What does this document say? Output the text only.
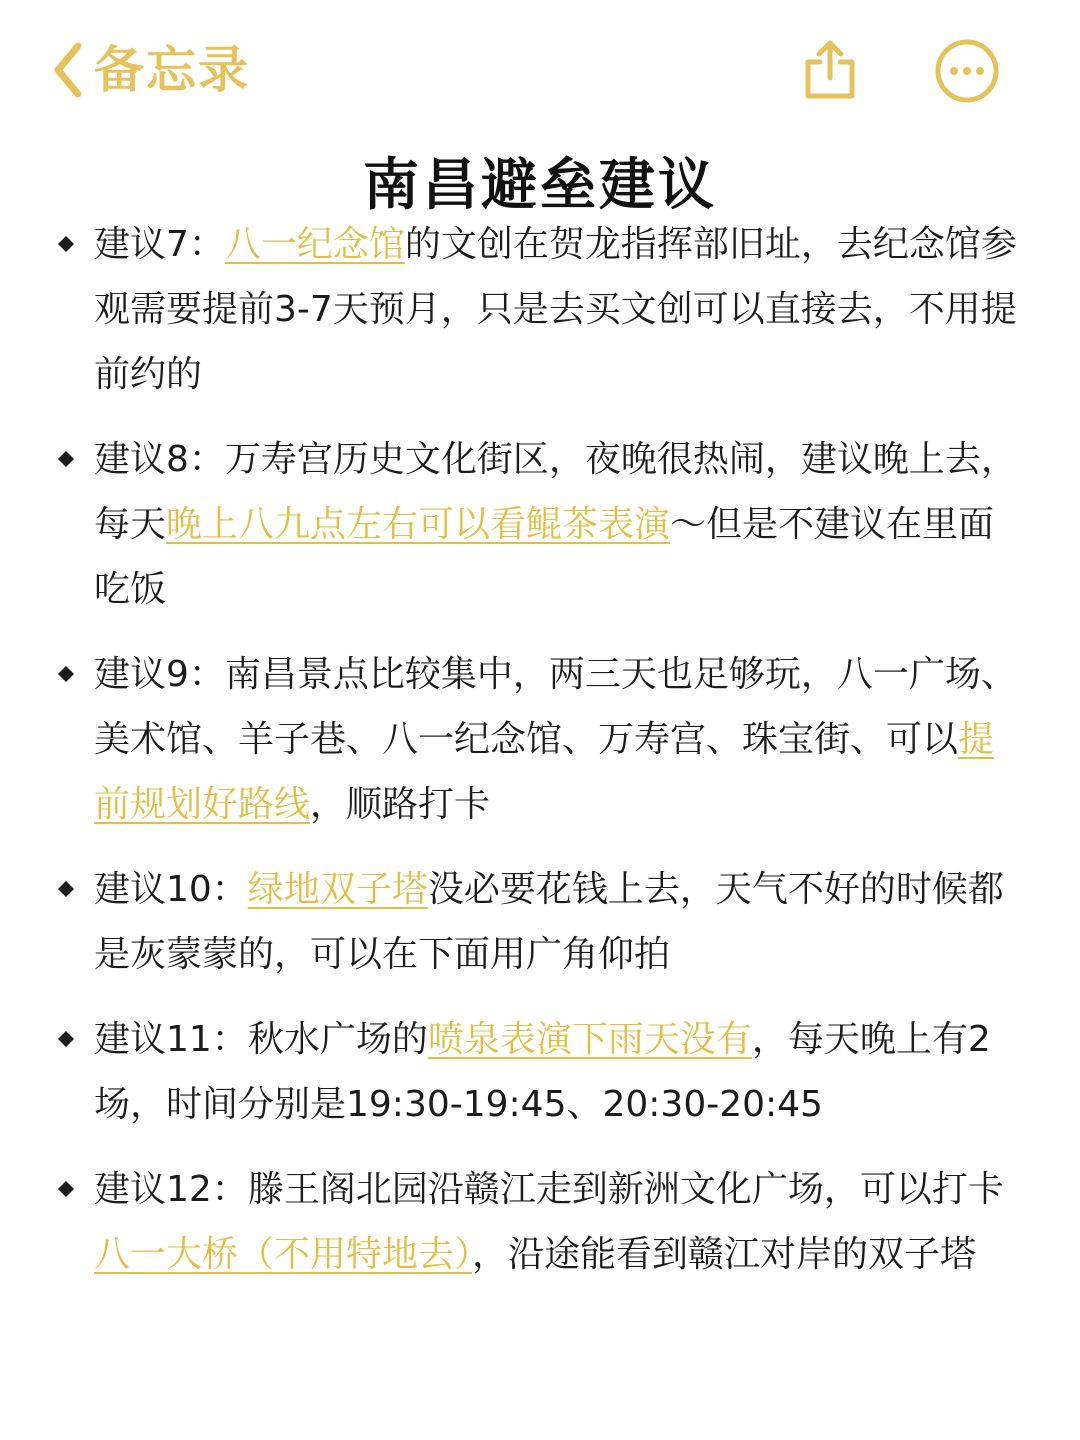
备忘录
南昌避垒建议
建议7：八一纪念馆的文创在贺龙指挥部旧址，去纪念馆参观需要提前3-7天预月，只是去买文创可以直接去，不用提前约的
建议8：万寿宫历史文化街区，夜晚很热闹，建议晚上去，每天晚上八九点左右可以看鲲茶表演～但是不建议在里面吃饭
建议9：南昌景点比较集中，两三天也足够玩，八一广场、美术馆、羊子巷、八一纪念馆、万寿宫、珠宝街、可以提前规划好路线，顺路打卡
建议10：绿地双子塔没必要花钱上去，天气不好的时候都是灰蒙蒙的，可以在下面用广角仰拍
建议11：秋水广场的喷泉表演下雨天没有，每天晚上有2场，时间分别是19:30-19:45、20:30-20:45
建议12：滕王阁北园沿赣江走到新洲文化广场，可以打卡八一大桥（不用特地去），沿途能看到赣江对岸的双子塔
